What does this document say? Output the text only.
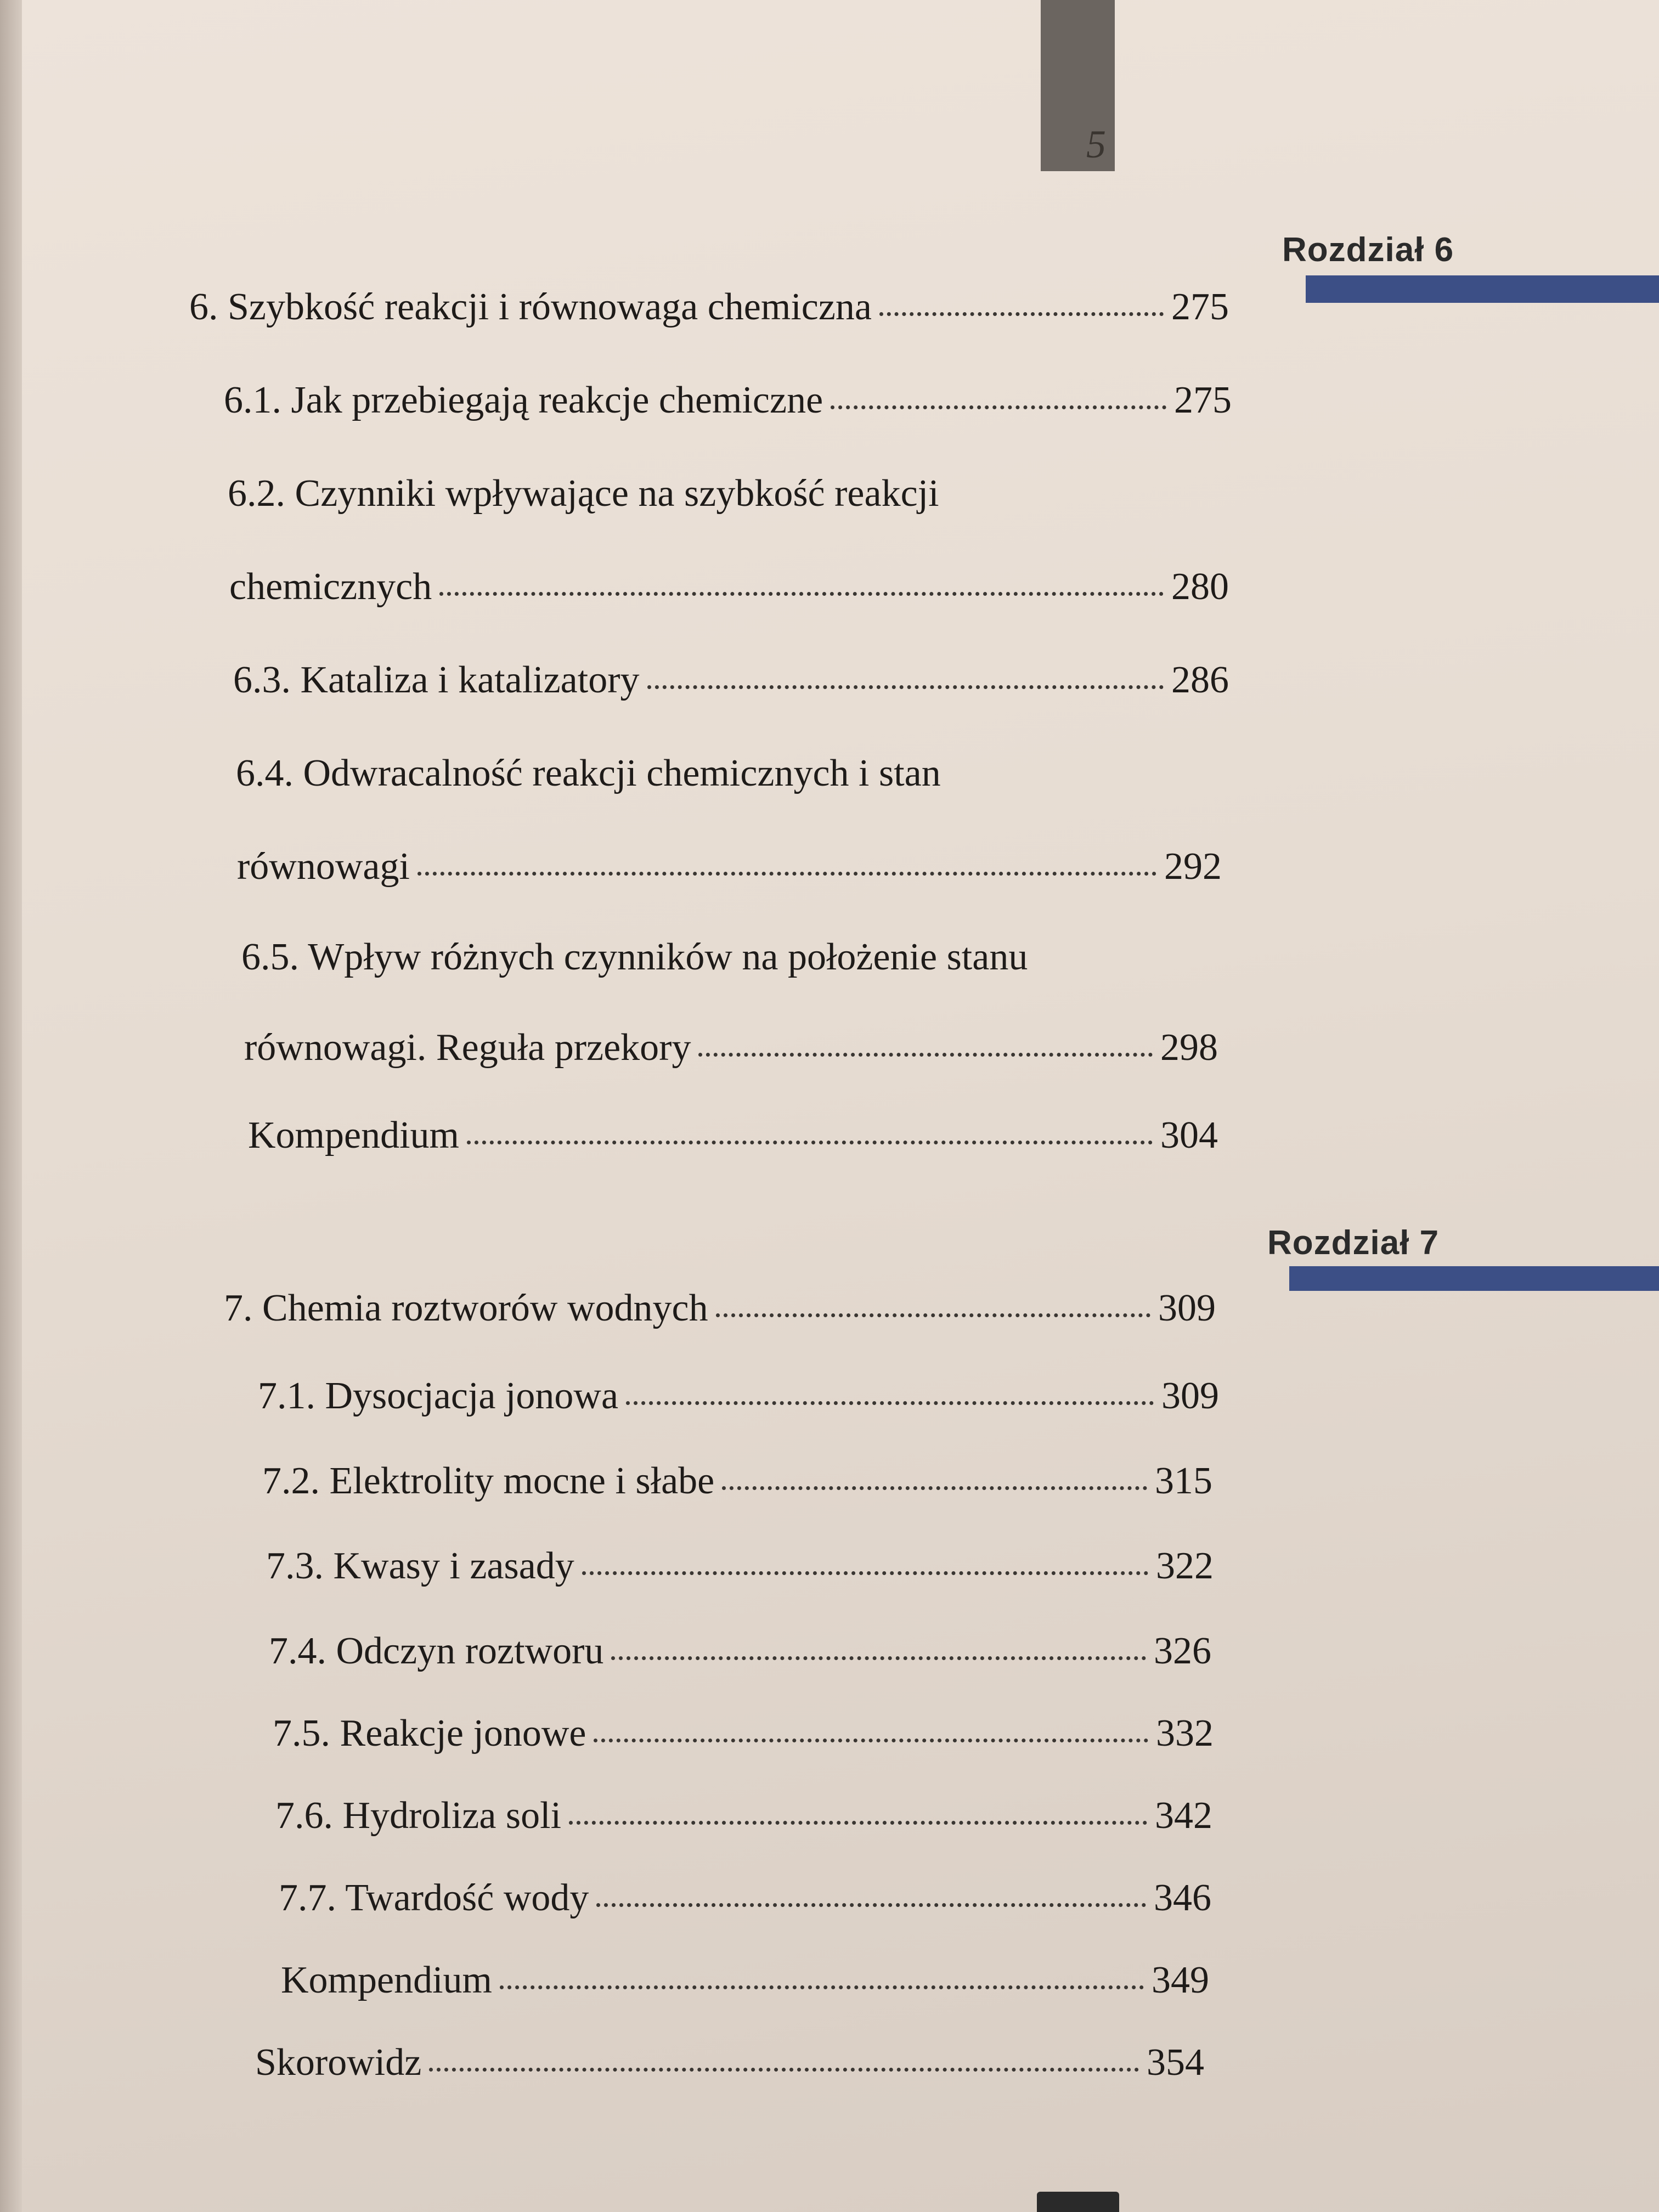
5
Rozdział 6
6. Szybkość reakcji i równowaga chemiczna	275
6.1. Jak przebiegają reakcje chemiczne	275
6.2. Czynniki wpływające na szybkość reakcji
chemicznych	280
6.3. Kataliza i katalizatory	286
6.4. Odwracalność reakcji chemicznych i stan
równowagi	292
6.5. Wpływ różnych czynników na położenie stanu
równowagi. Reguła przekory	298
Kompendium	304
Rozdział 7
7. Chemia roztworów wodnych	309
7.1. Dysocjacja jonowa	309
7.2. Elektrolity mocne i słabe	315
7.3. Kwasy i zasady	322
7.4. Odczyn roztworu	326
7.5. Reakcje jonowe	332
7.6. Hydroliza soli	342
7.7. Twardość wody	346
Kompendium	349
Skorowidz	354
